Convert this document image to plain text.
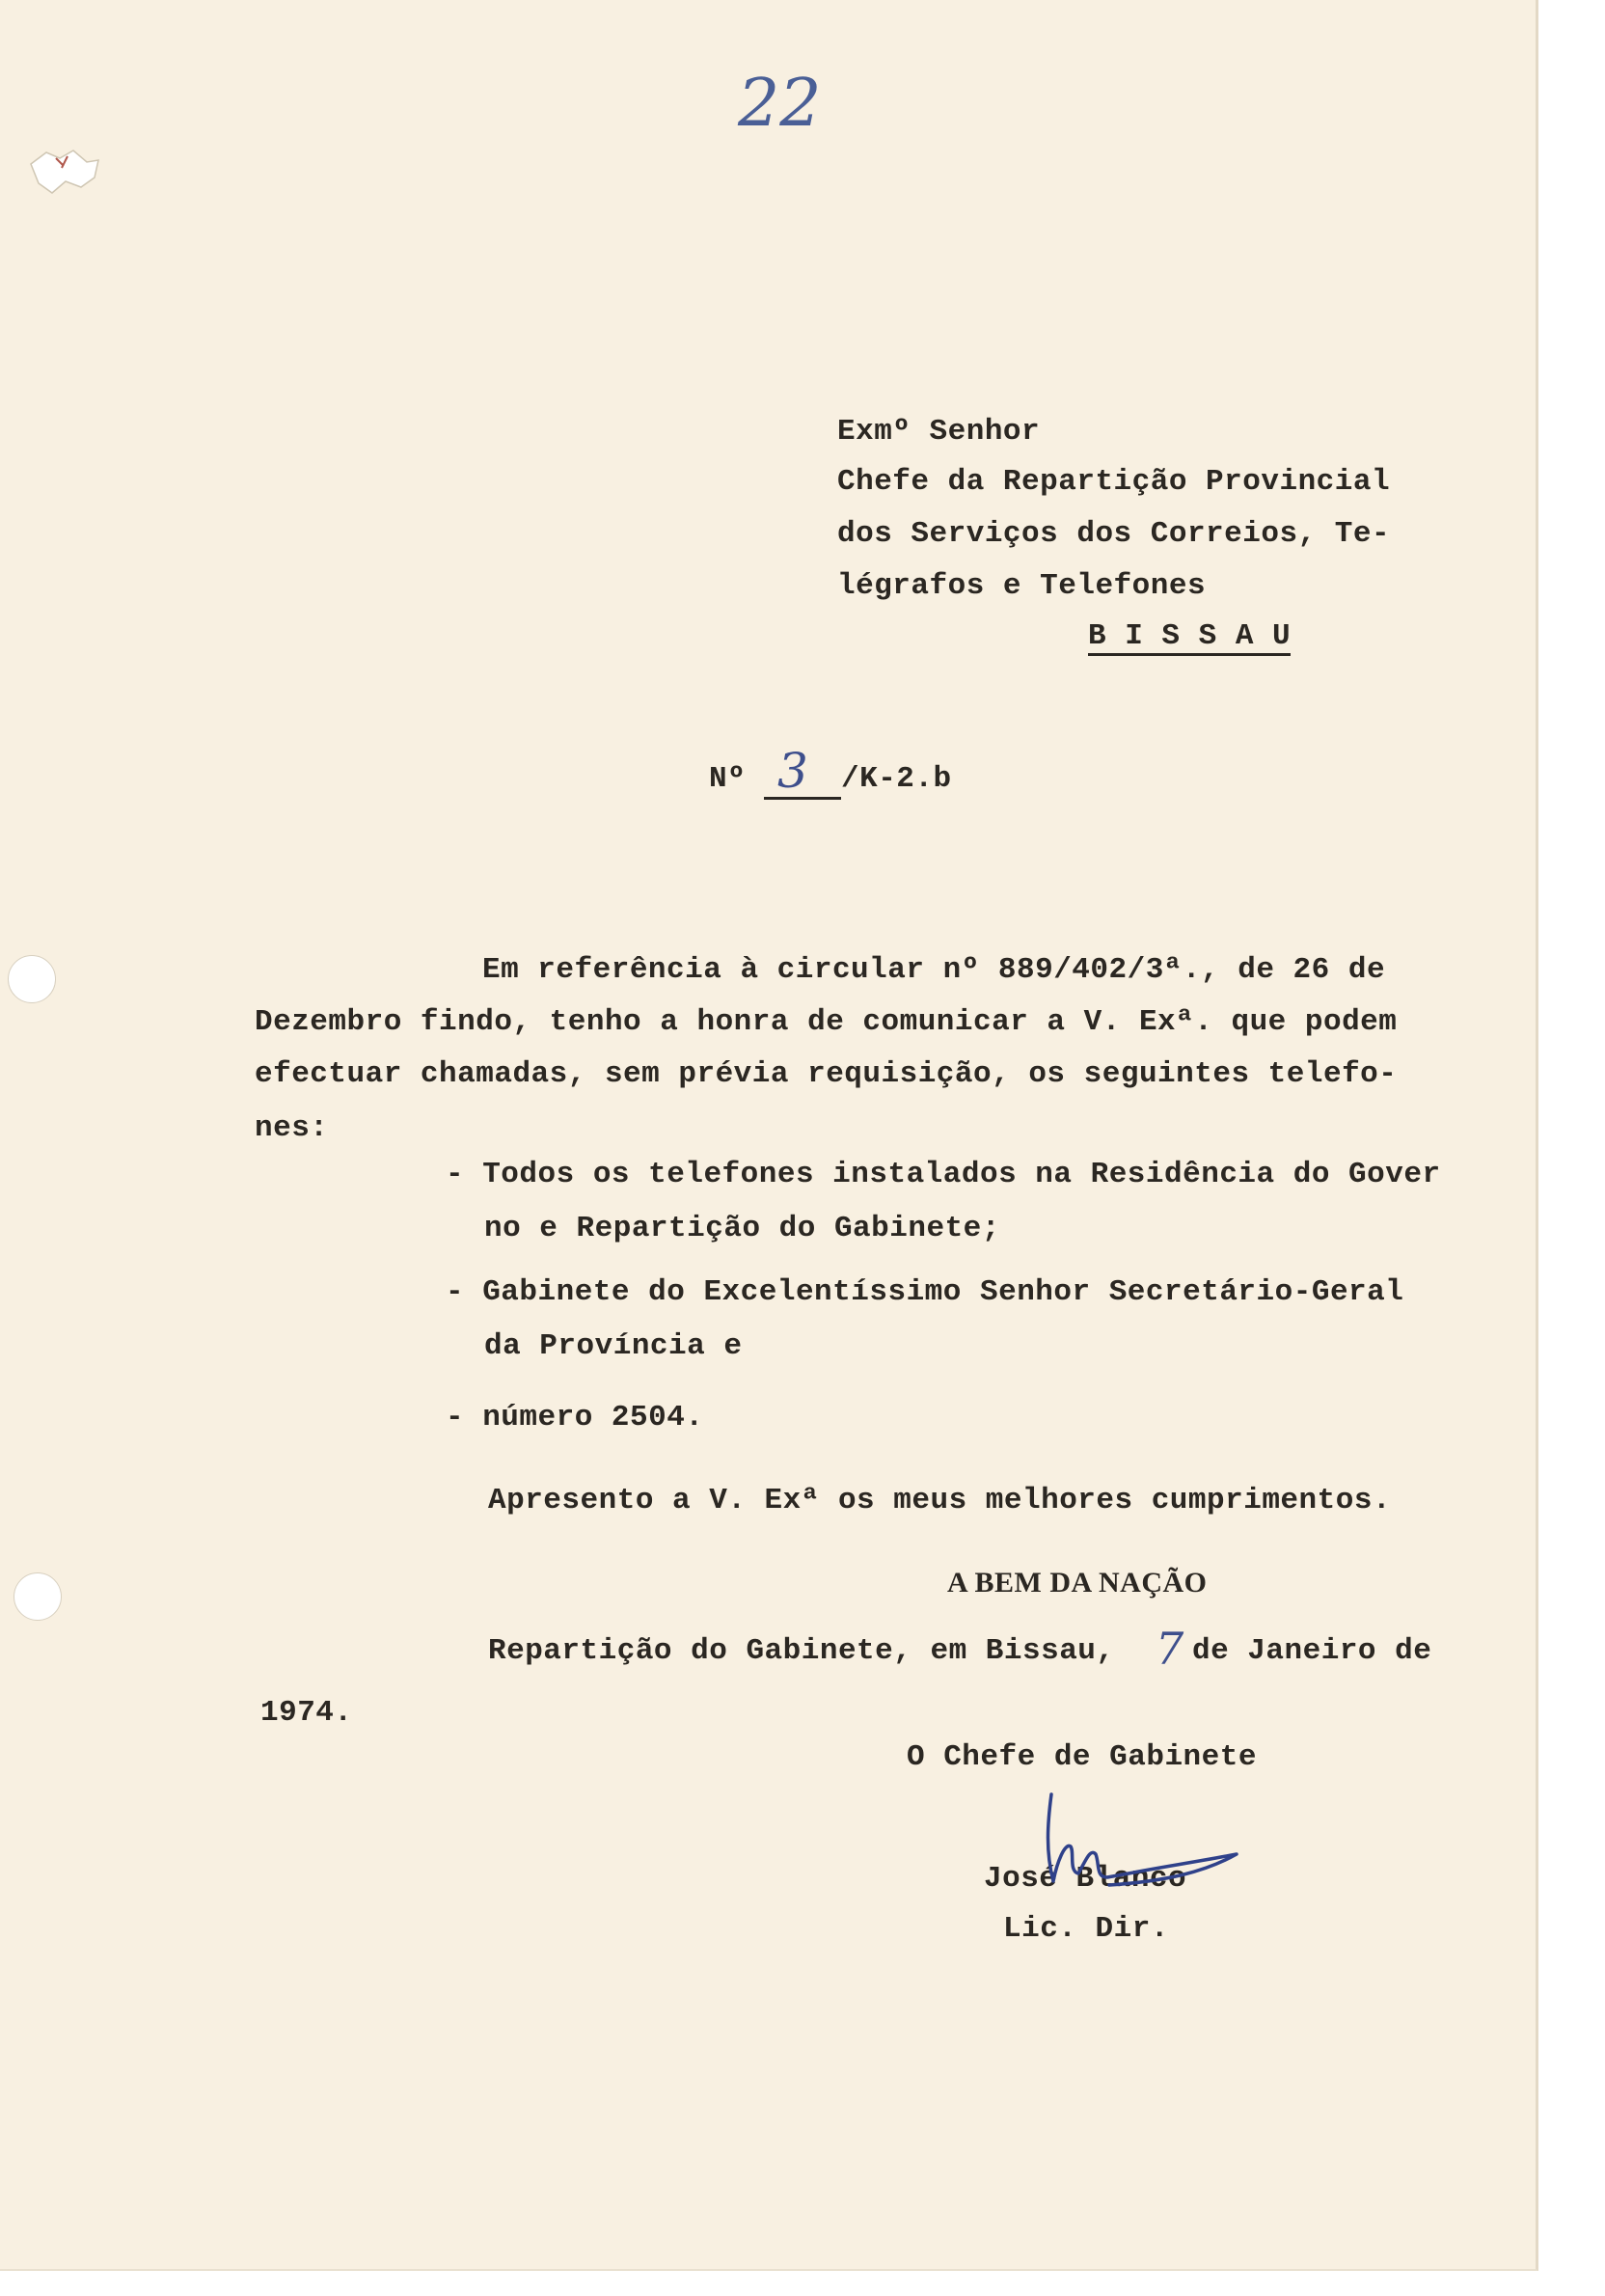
22
Exmº Senhor
Chefe da Repartição Provincial
dos Serviços dos Correios, Te-
légrafos e Telefones
B I S S A U
Nº 3 /K-2.b
Em referência à circular nº 889/402/3ª., de 26 de
Dezembro findo, tenho a honra de comunicar a V. Exª. que podem
efectuar chamadas, sem prévia requisição, os seguintes telefo-
nes:
- Todos os telefones instalados na Residência do Gover
no e Repartição do Gabinete;
- Gabinete do Excelentíssimo Senhor Secretário-Geral
da Província e
- número 2504.
Apresento a V. Exª os meus melhores cumprimentos.
A BEM DA NAÇÃO
Repartição do Gabinete, em Bissau, 7 de Janeiro de
1974.
O Chefe de Gabinete
José Blanco
Lic. Dir.
